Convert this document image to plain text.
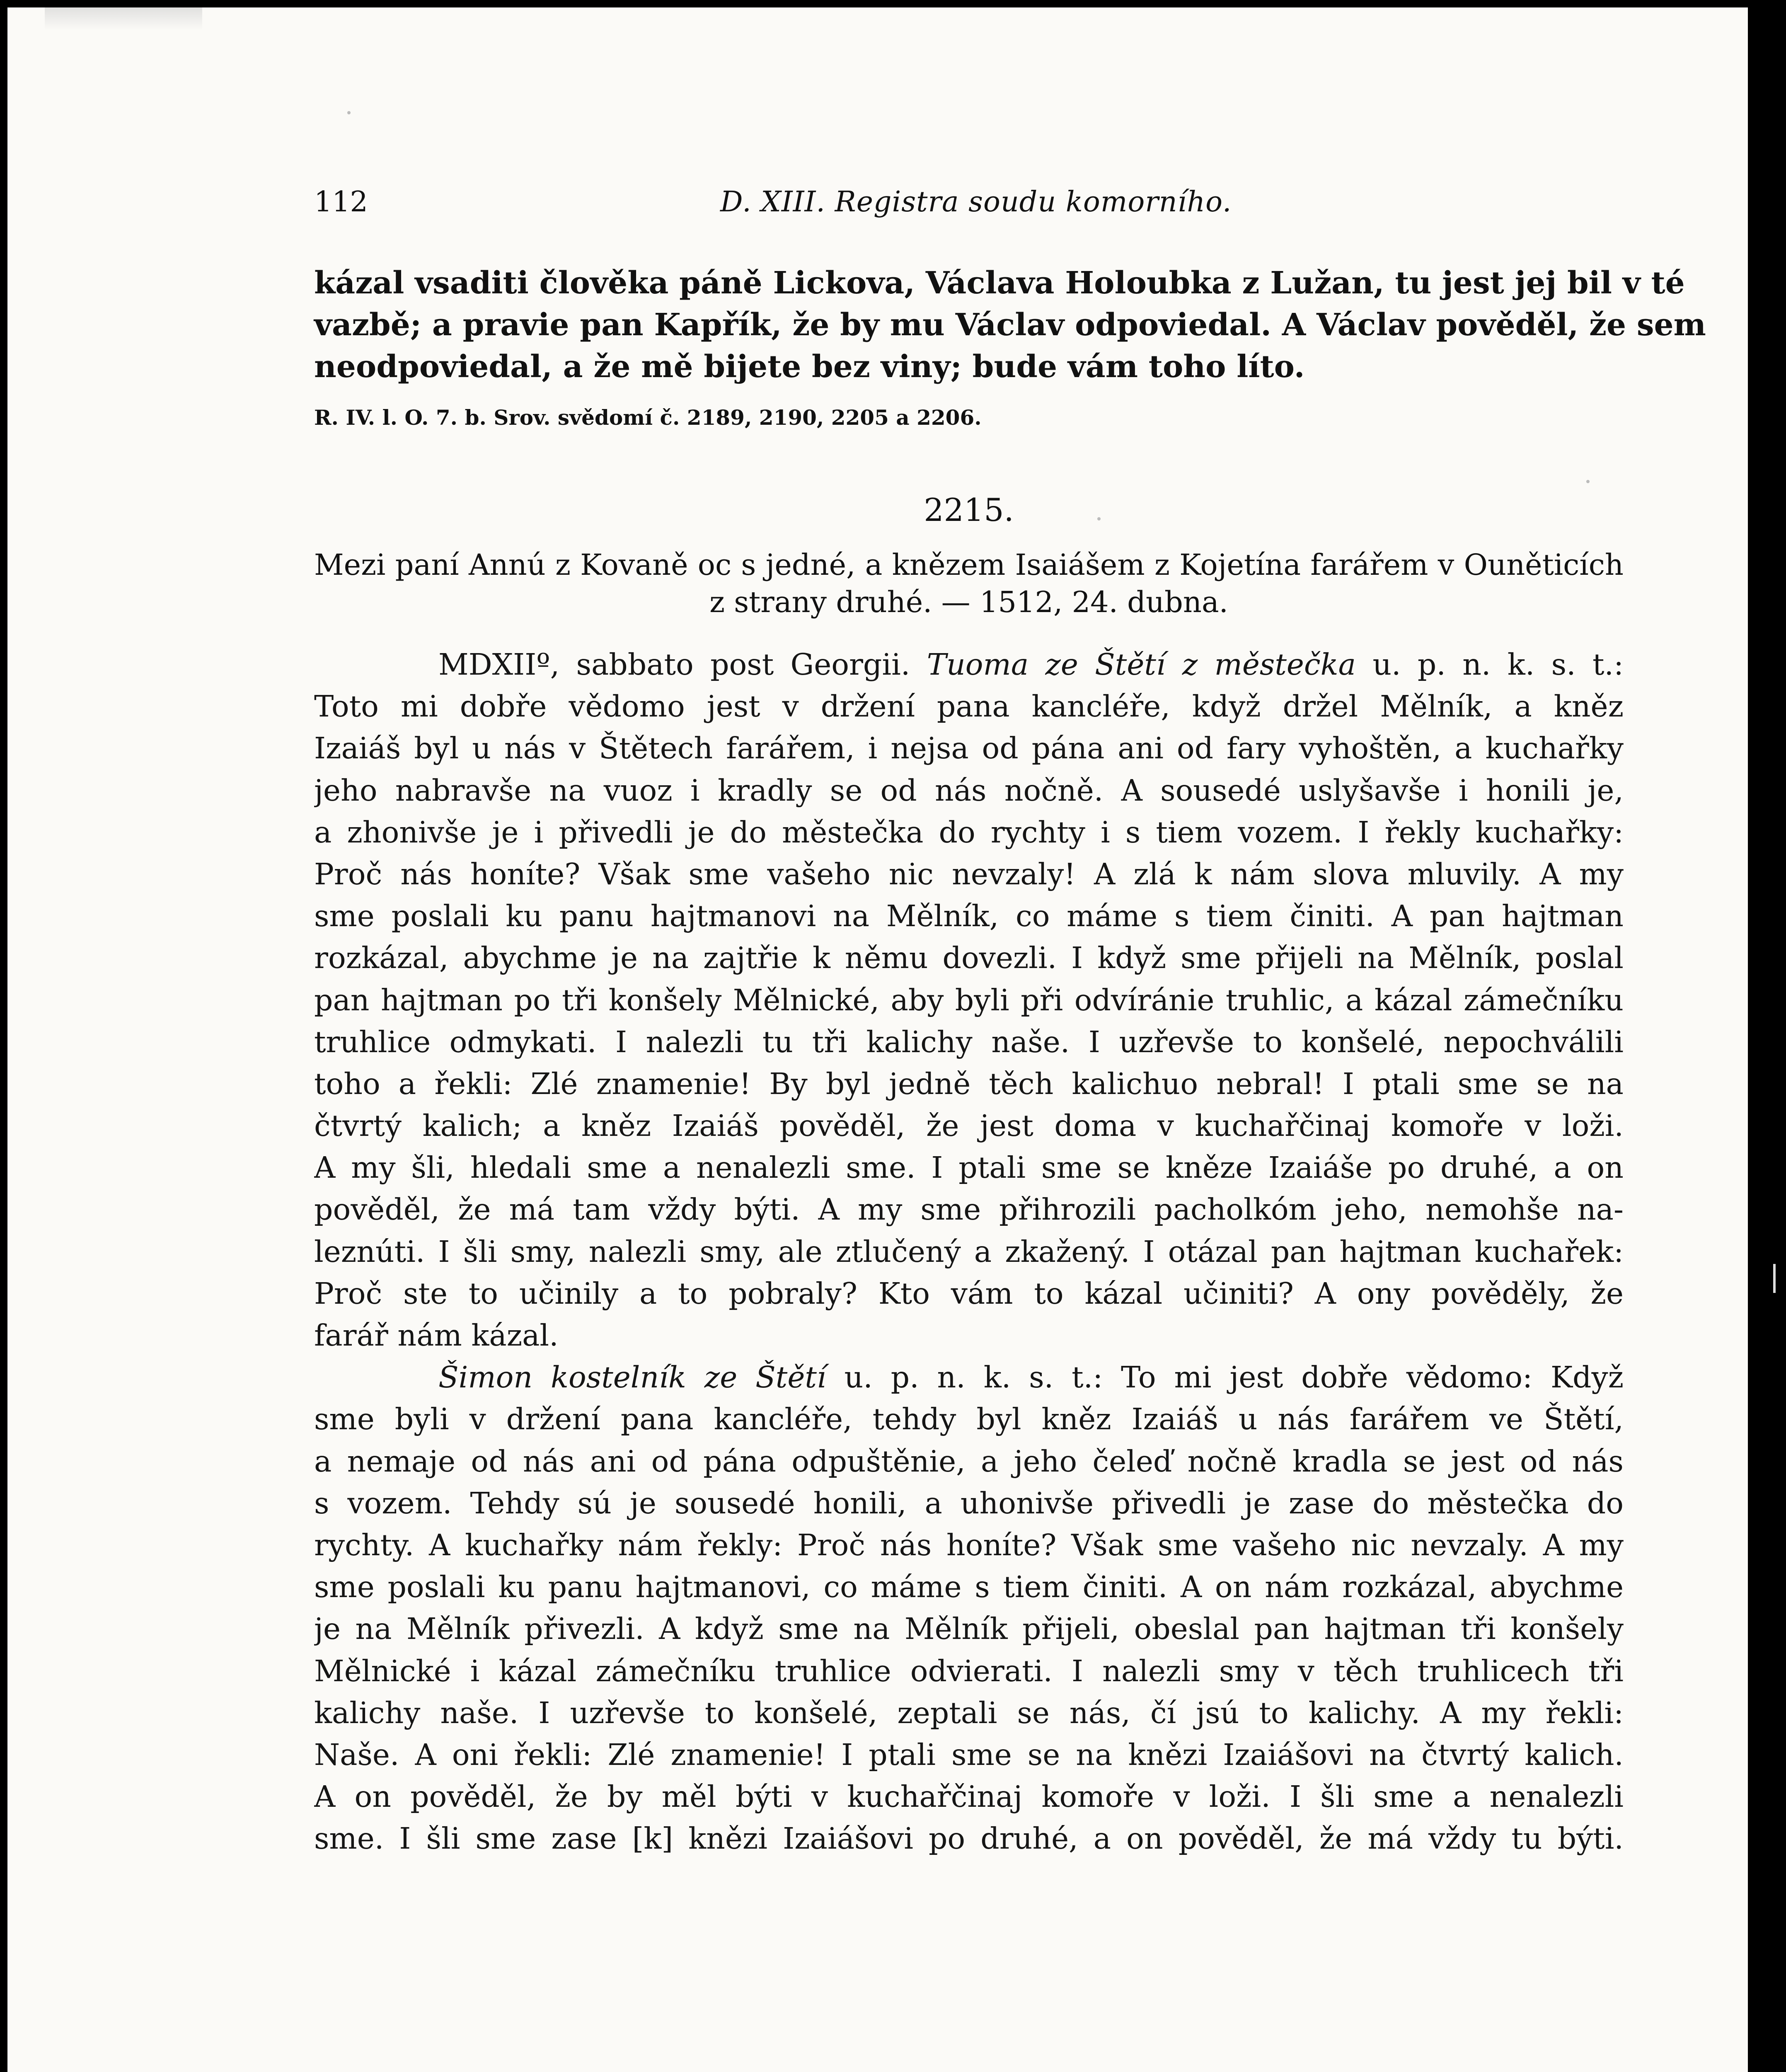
112	D. XIII. Registra soudu komorního.
kázal vsaditi člověka páně Lickova, Václava Holoubka z Lužan, tu jest jej bil v té
vazbě; a pravie pan Kapřík, že by mu Václav odpoviedal. A Václav pověděl, že sem
neodpoviedal, a že mě bijete bez viny; bude vám toho líto.
R. IV. l. O. 7. b. Srov. svědomí č. 2189, 2190, 2205 a 2206.
2215.
Mezi paní Annú z Kovaně oc s jedné, a knězem Isaiášem z Kojetína farářem v Ouněticích
z strany druhé. — 1512, 24. dubna.
MDXIIº, sabbato post Georgii. Tuoma ze Štětí z městečka u. p. n. k. s. t.:
Toto mi dobře vědomo jest v držení pana kancléře, když držel Mělník, a kněz
Izaiáš byl u nás v Štětech farářem, i nejsa od pána ani od fary vyhoštěn, a kuchařky
jeho nabravše na vuoz i kradly se od nás nočně. A sousedé uslyšavše i honili je,
a zhonivše je i přivedli je do městečka do rychty i s tiem vozem. I řekly kuchařky:
Proč nás honíte? Však sme vašeho nic nevzaly! A zlá k nám slova mluvily. A my
sme poslali ku panu hajtmanovi na Mělník, co máme s tiem činiti. A pan hajtman
rozkázal, abychme je na zajtřie k němu dovezli. I když sme přijeli na Mělník, poslal
pan hajtman po tři konšely Mělnické, aby byli při odvíránie truhlic, a kázal zámečníku
truhlice odmykati. I nalezli tu tři kalichy naše. I uzřevše to konšelé, nepochválili
toho a řekli: Zlé znamenie! By byl jedně těch kalichuo nebral! I ptali sme se na
čtvrtý kalich; a kněz Izaiáš pověděl, že jest doma v kuchařčinaj komoře v loži.
A my šli, hledali sme a nenalezli sme. I ptali sme se kněze Izaiáše po druhé, a on
pověděl, že má tam vždy býti. A my sme přihrozili pacholkóm jeho, nemohše na-
leznúti. I šli smy, nalezli smy, ale ztlučený a zkažený. I otázal pan hajtman kuchařek:
Proč ste to učinily a to pobraly? Kto vám to kázal učiniti? A ony pověděly, že
farář nám kázal.
Šimon kostelník ze Štětí u. p. n. k. s. t.: To mi jest dobře vědomo: Když
sme byli v držení pana kancléře, tehdy byl kněz Izaiáš u nás farářem ve Štětí,
a nemaje od nás ani od pána odpuštěnie, a jeho čeleď nočně kradla se jest od nás
s vozem. Tehdy sú je sousedé honili, a uhonivše přivedli je zase do městečka do
rychty. A kuchařky nám řekly: Proč nás honíte? Však sme vašeho nic nevzaly. A my
sme poslali ku panu hajtmanovi, co máme s tiem činiti. A on nám rozkázal, abychme
je na Mělník přivezli. A když sme na Mělník přijeli, obeslal pan hajtman tři konšely
Mělnické i kázal zámečníku truhlice odvierati. I nalezli smy v těch truhlicech tři
kalichy naše. I uzřevše to konšelé, zeptali se nás, čí jsú to kalichy. A my řekli:
Naše. A oni řekli: Zlé znamenie! I ptali sme se na knězi Izaiášovi na čtvrtý kalich.
A on pověděl, že by měl býti v kuchařčinaj komoře v loži. I šli sme a nenalezli
sme. I šli sme zase [k] knězi Izaiášovi po druhé, a on pověděl, že má vždy tu býti.
